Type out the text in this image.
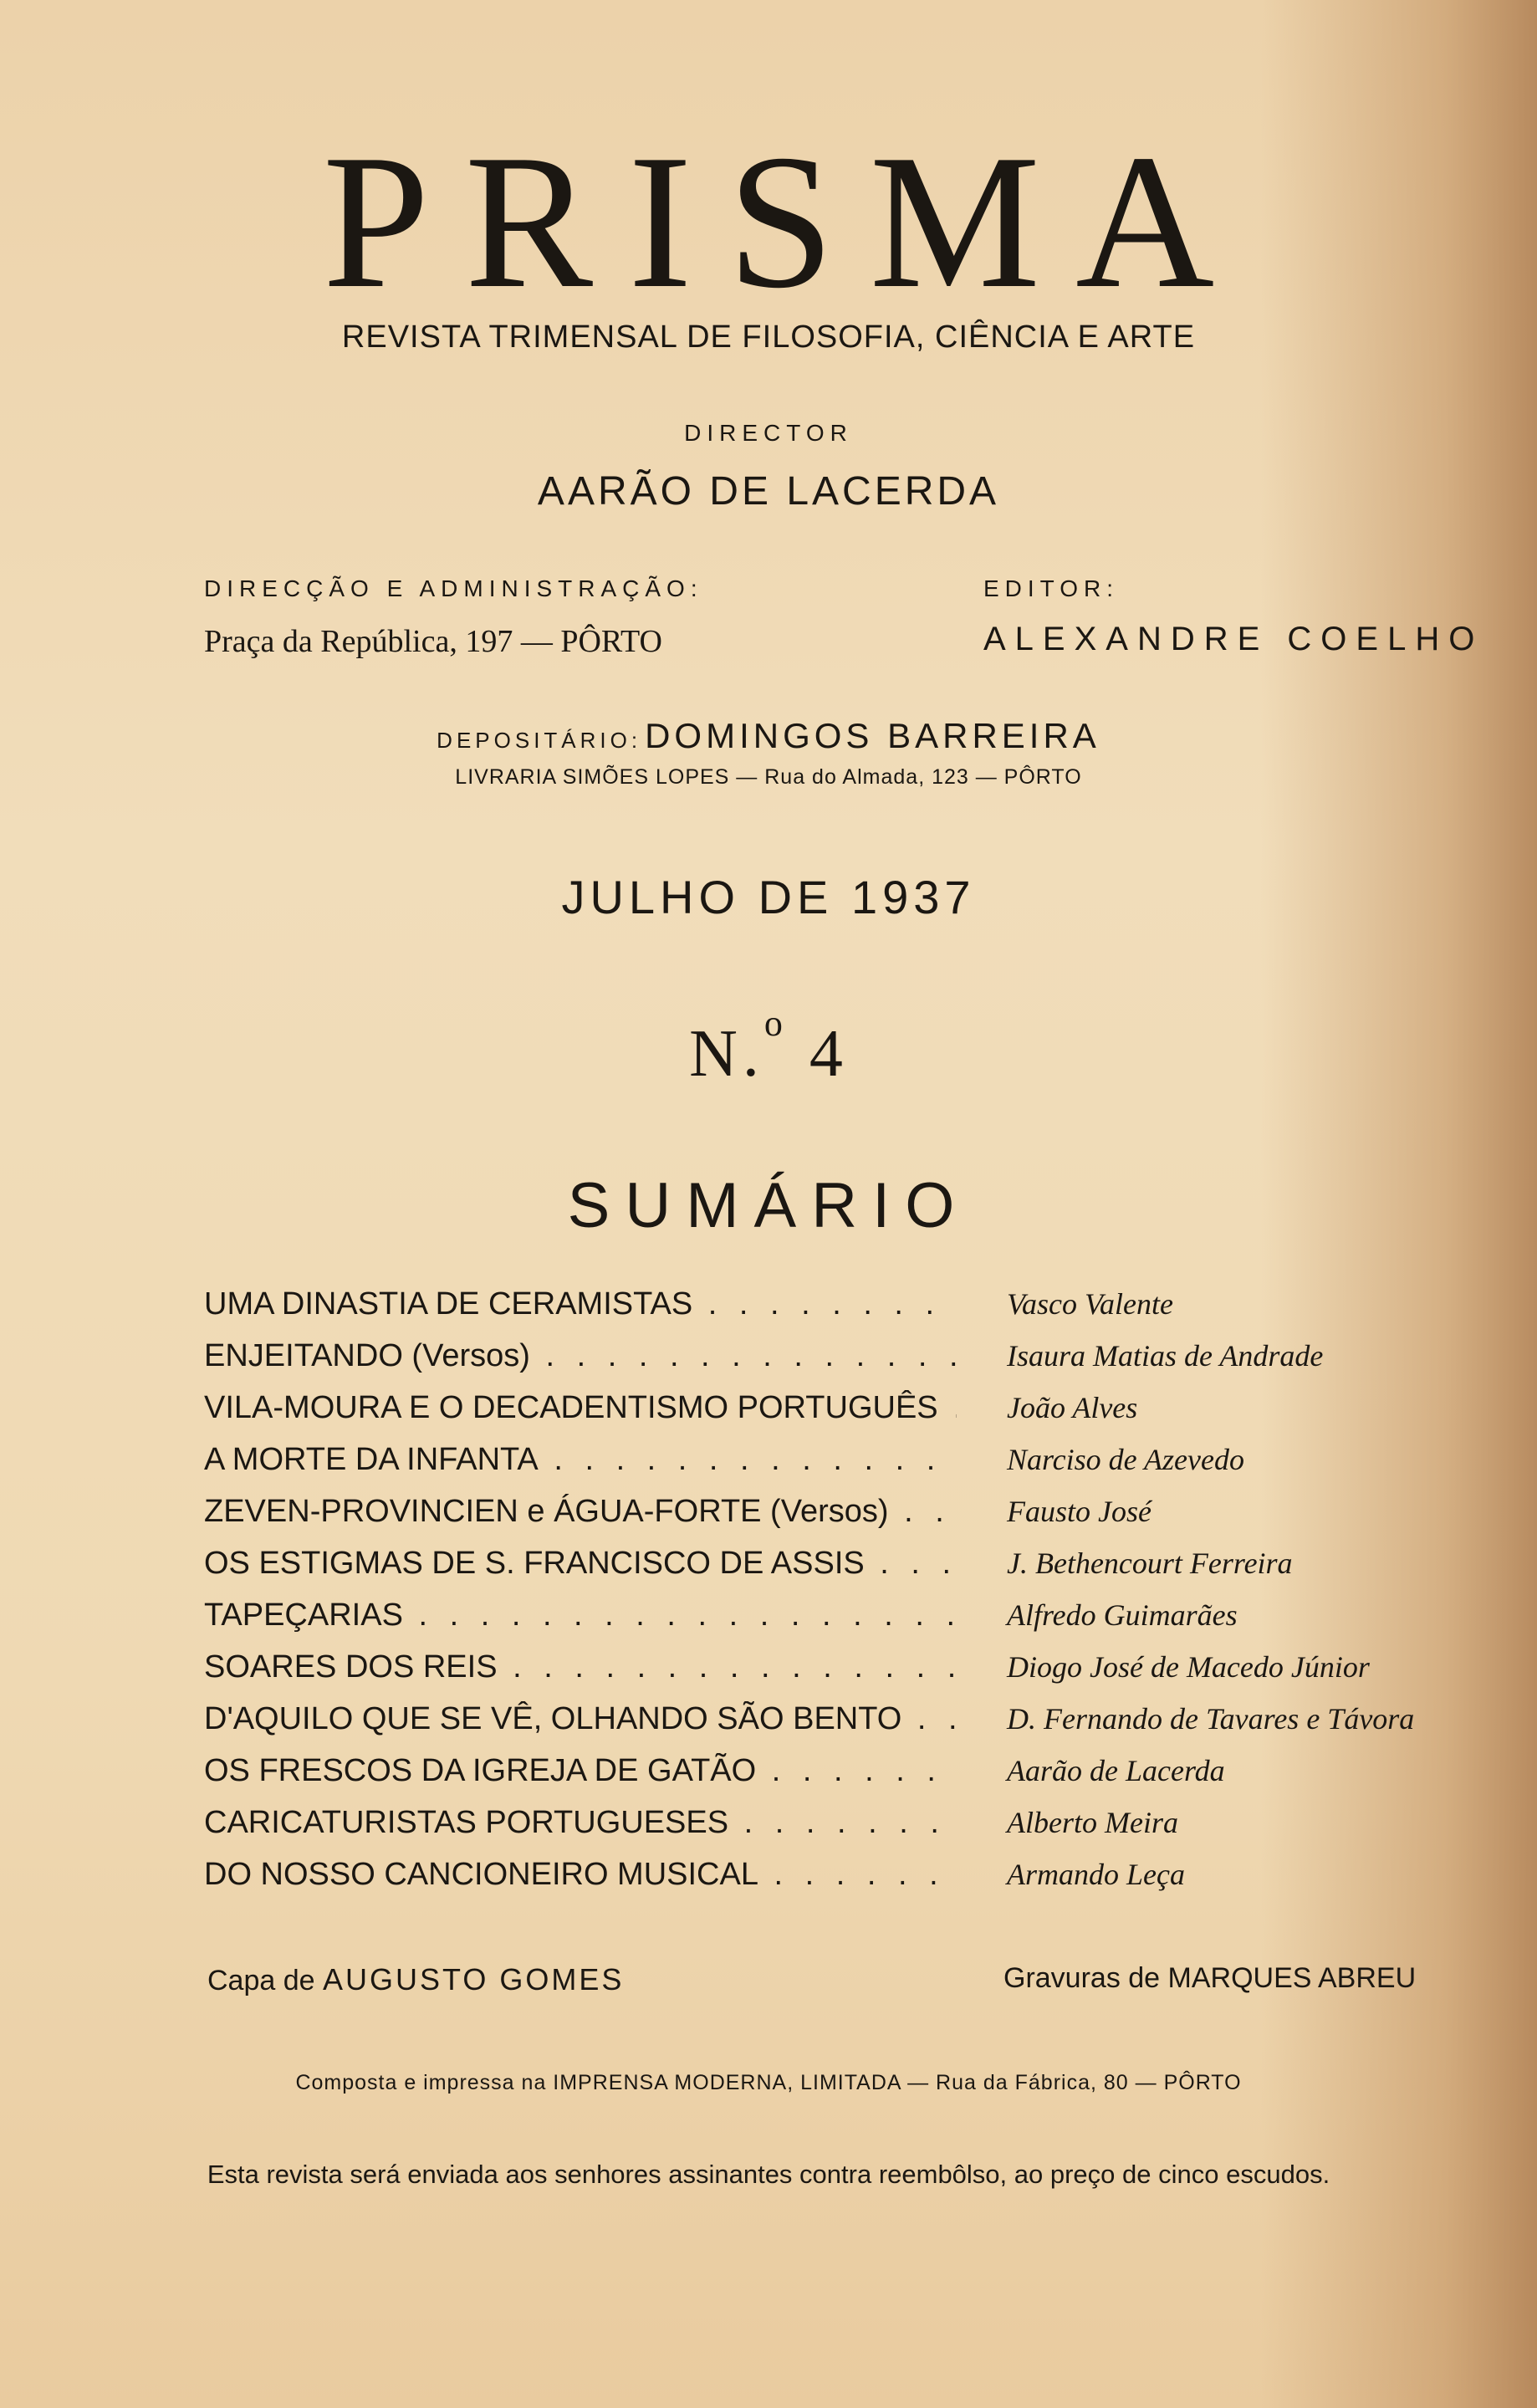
PRISMA
REVISTA TRIMENSAL DE FILOSOFIA, CIÊNCIA E ARTE
DIRECTOR
AARÃO DE LACERDA
DIRECÇÃO E ADMINISTRAÇÃO:
Praça da República, 197 — PÔRTO
EDITOR:
ALEXANDRE COELHO
DEPOSITÁRIO: DOMINGOS BARREIRA
LIVRARIA SIMÕES LOPES — Rua do Almada, 123 — PÔRTO
JULHO DE 1937
N.$^o$ 4
SUMÁRIO
UMA DINASTIA DE CERAMISTAS . . .	Vasco Valente
ENJEITANDO (Versos) . . .	Isaura Matias de Andrade
VILA-MOURA E O DECADENTISMO PORTUGUÊS . . .	João Alves
A MORTE DA INFANTA . . .	Narciso de Azevedo
ZEVEN-PROVINCIEN e ÁGUA-FORTE (Versos) . . .	Fausto José
OS ESTIGMAS DE S. FRANCISCO DE ASSIS . . .	J. Bethencourt Ferreira
TAPEÇARIAS . . .	Alfredo Guimarães
SOARES DOS REIS . . .	Diogo José de Macedo Júnior
D'AQUILO QUE SE VÊ, OLHANDO SÃO BENTO . . .	D. Fernando de Tavares e Távora
OS FRESCOS DA IGREJA DE GATÃO . . .	Aarão de Lacerda
CARICATURISTAS PORTUGUESES . . .	Alberto Meira
DO NOSSO CANCIONEIRO MUSICAL . . .	Armando Leça
Capa de AUGUSTO GOMES	Gravuras de MARQUES ABREU
Composta e impressa na IMPRENSA MODERNA, LIMITADA — Rua da Fábrica, 80 — PÔRTO
Esta revista será enviada aos senhores assinantes contra reembôlso, ao preço de cinco escudos.
